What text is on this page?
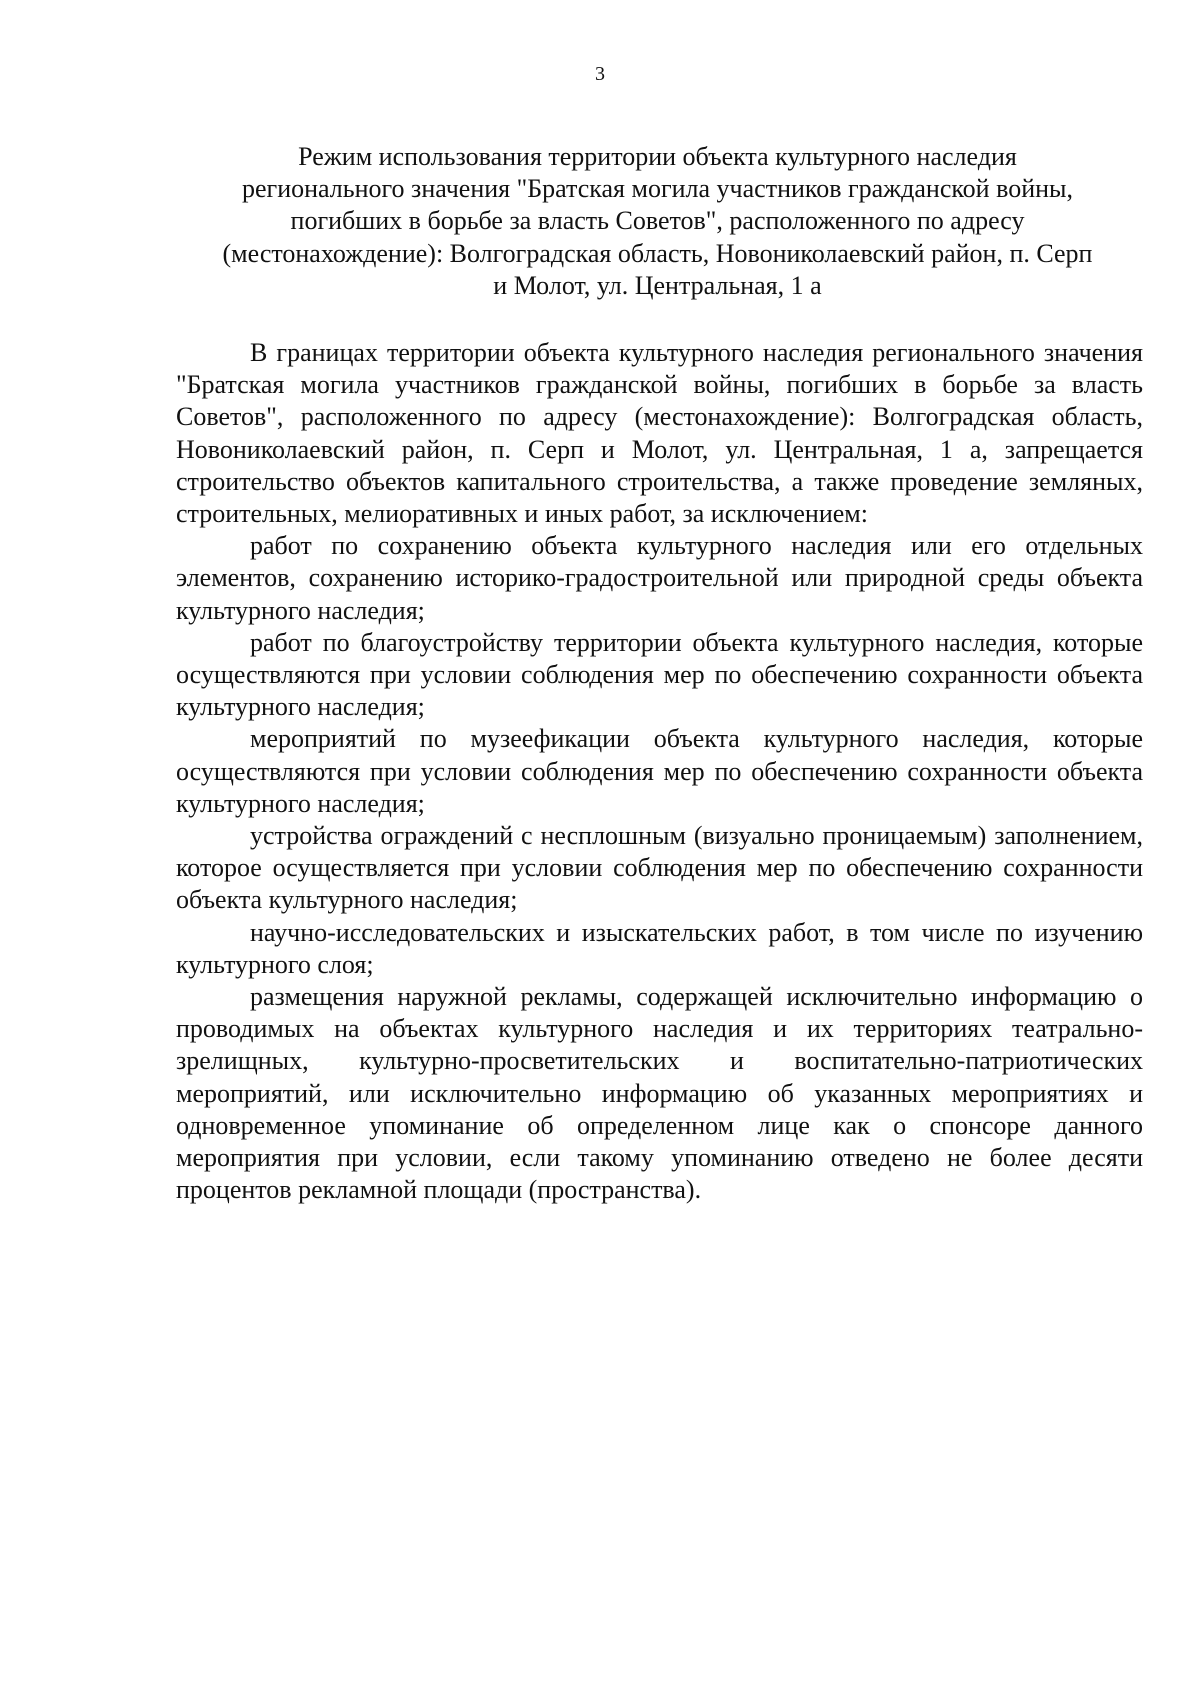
3
Режим использования территории объекта культурного наследия
регионального значения "Братская могила участников гражданской войны,
погибших в борьбе за власть Советов", расположенного по адресу
(местонахождение): Волгоградская область, Новониколаевский район, п. Серп
и Молот, ул. Центральная, 1 а

В границах территории объекта культурного наследия регионального значения "Братская могила участников гражданской войны, погибших в борьбе за власть Советов", расположенного по адресу (местонахождение): Волгоградская область, Новониколаевский район, п. Серп и Молот, ул. Центральная, 1 а, запрещается строительство объектов капитального строительства, а также проведение земляных, строительных, мелиоративных и иных работ, за исключением:

работ по сохранению объекта культурного наследия или его отдельных элементов, сохранению историко-градостроительной или природной среды объекта культурного наследия;

работ по благоустройству территории объекта культурного наследия, которые осуществляются при условии соблюдения мер по обеспечению сохранности объекта культурного наследия;

мероприятий по музеефикации объекта культурного наследия, которые осуществляются при условии соблюдения мер по обеспечению сохранности объекта культурного наследия;

устройства ограждений с несплошным (визуально проницаемым) заполнением, которое осуществляется при условии соблюдения мер по обеспечению сохранности объекта культурного наследия;

научно-исследовательских и изыскательских работ, в том числе по изучению культурного слоя;

размещения наружной рекламы, содержащей исключительно информацию о проводимых на объектах культурного наследия и их территориях театрально-зрелищных, культурно-просветительских и воспитательно-патриотических мероприятий, или исключительно информацию об указанных мероприятиях и одновременное упоминание об определенном лице как о спонсоре данного мероприятия при условии, если такому упоминанию отведено не более десяти процентов рекламной площади (пространства).
